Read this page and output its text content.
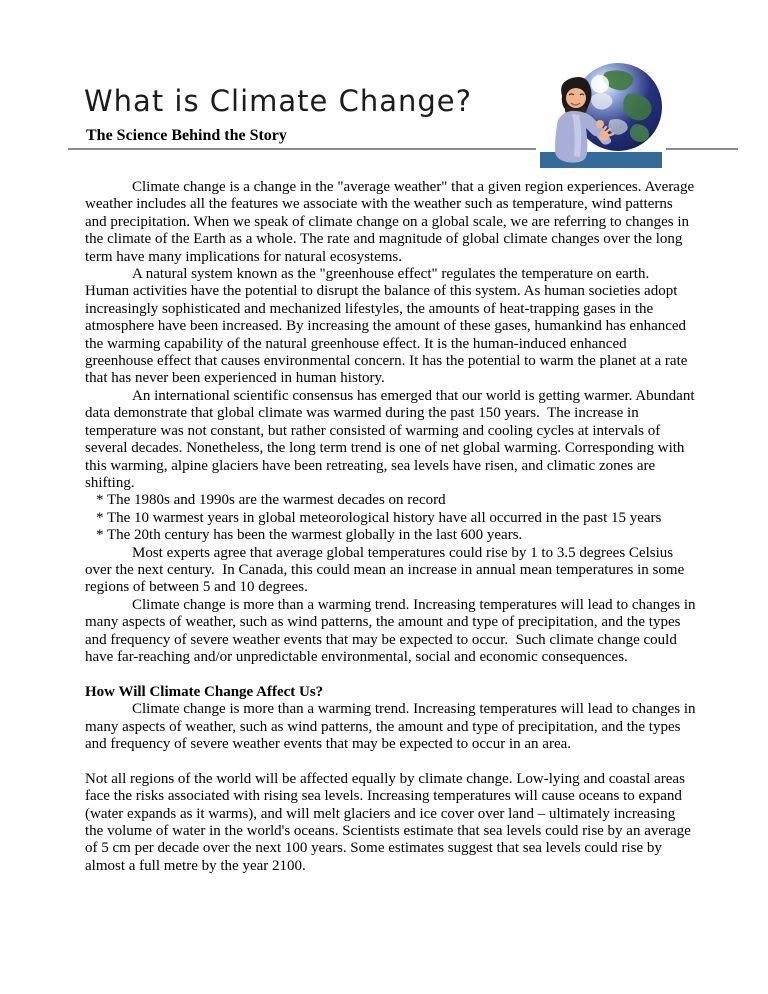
What is Climate Change?
The Science Behind the Story

Climate change is a change in the "average weather" that a given region experiences. Average weather includes all the features we associate with the weather such as temperature, wind patterns and precipitation. When we speak of climate change on a global scale, we are referring to changes in the climate of the Earth as a whole. The rate and magnitude of global climate changes over the long term have many implications for natural ecosystems.

A natural system known as the "greenhouse effect" regulates the temperature on earth. Human activities have the potential to disrupt the balance of this system. As human societies adopt increasingly sophisticated and mechanized lifestyles, the amounts of heat-trapping gases in the atmosphere have been increased. By increasing the amount of these gases, humankind has enhanced the warming capability of the natural greenhouse effect. It is the human-induced enhanced greenhouse effect that causes environmental concern. It has the potential to warm the planet at a rate that has never been experienced in human history.

An international scientific consensus has emerged that our world is getting warmer. Abundant data demonstrate that global climate was warmed during the past 150 years.  The increase in temperature was not constant, but rather consisted of warming and cooling cycles at intervals of several decades. Nonetheless, the long term trend is one of net global warming. Corresponding with this warming, alpine glaciers have been retreating, sea levels have risen, and climatic zones are shifting.

* The 1980s and 1990s are the warmest decades on record
* The 10 warmest years in global meteorological history have all occurred in the past 15 years
* The 20th century has been the warmest globally in the last 600 years.

Most experts agree that average global temperatures could rise by 1 to 3.5 degrees Celsius over the next century.  In Canada, this could mean an increase in annual mean temperatures in some regions of between 5 and 10 degrees.

Climate change is more than a warming trend. Increasing temperatures will lead to changes in many aspects of weather, such as wind patterns, the amount and type of precipitation, and the types and frequency of severe weather events that may be expected to occur.  Such climate change could have far-reaching and/or unpredictable environmental, social and economic consequences.

How Will Climate Change Affect Us?

Climate change is more than a warming trend. Increasing temperatures will lead to changes in many aspects of weather, such as wind patterns, the amount and type of precipitation, and the types and frequency of severe weather events that may be expected to occur in an area.

Not all regions of the world will be affected equally by climate change. Low-lying and coastal areas face the risks associated with rising sea levels. Increasing temperatures will cause oceans to expand (water expands as it warms), and will melt glaciers and ice cover over land – ultimately increasing the volume of water in the world's oceans. Scientists estimate that sea levels could rise by an average of 5 cm per decade over the next 100 years. Some estimates suggest that sea levels could rise by almost a full metre by the year 2100.
